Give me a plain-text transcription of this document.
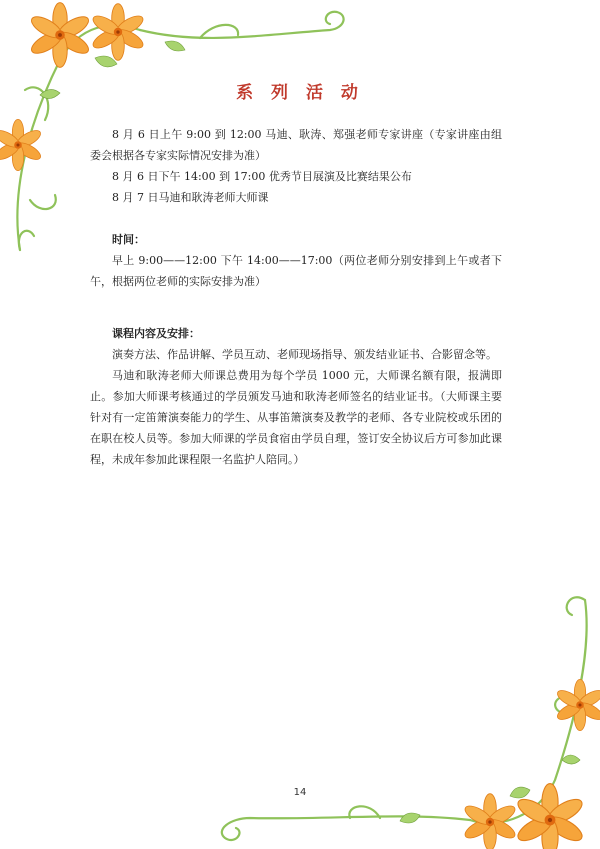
系 列 活 动

8 月 6 日上午 9:00 到 12:00 马迪、耿涛、郑强老师专家讲座（专家讲座由组委会根据各专家实际情况安排为准）

8 月 6 日下午 14:00 到 17:00 优秀节目展演及比赛结果公布

8 月 7 日马迪和耿涛老师大师课

时间：

早上 9:00——12:00 下午 14:00——17:00（两位老师分别安排到上午或者下午，根据两位老师的实际安排为准）

课程内容及安排：

演奏方法、作品讲解、学员互动、老师现场指导、颁发结业证书、合影留念等。

马迪和耿涛老师大师课总费用为每个学员 1000 元，大师课名额有限，报满即止。参加大师课考核通过的学员颁发马迪和耿涛老师签名的结业证书。（大师课主要针对有一定笛箫演奏能力的学生、从事笛箫演奏及教学的老师、各专业院校或乐团的在职在校人员等。参加大师课的学员食宿由学员自理，签订安全协议后方可参加此课程，未成年参加此课程限一名监护人陪同。）

14
